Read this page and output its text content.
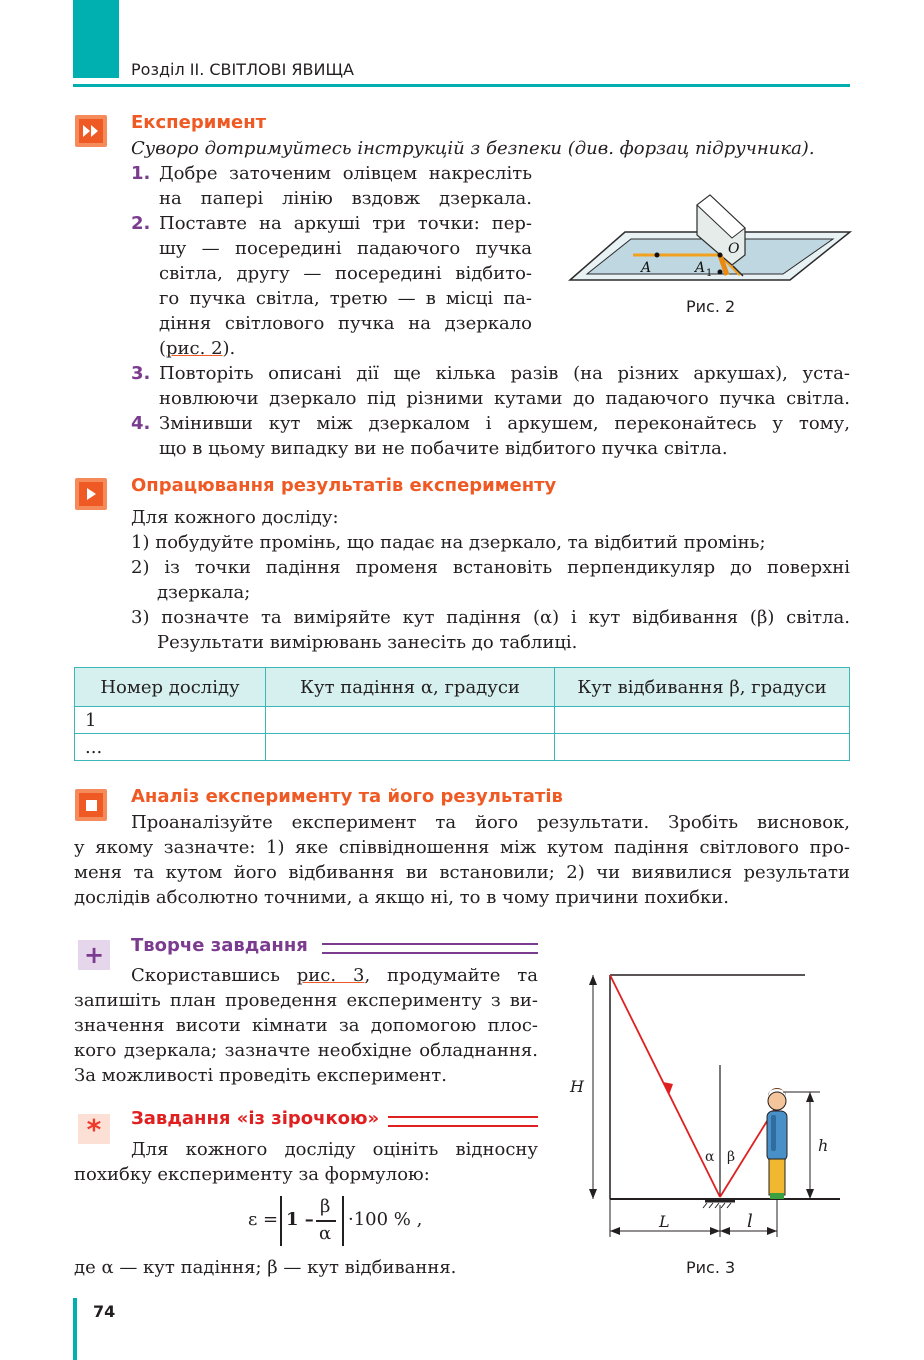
Розділ ІІ. СВІТЛОВІ ЯВИЩА
Експеримент
Суворо дотримуйтесь інструкцій з безпеки (див. форзац підручника).
1. Добре заточеним олівцем накресліть
на папері лінію вздовж дзеркала.
2. Поставте на аркуші три точки: пер-
шу — посередині падаючого пучка
світла, другу — посередині відбито-
го пучка світла, третю — в місці па-
діння світлового пучка на дзеркало
(рис. 2).
3. Повторіть описані дії ще кілька разів (на різних аркушах), уста-
новлюючи дзеркало під різними кутами до падаючого пучка світла.
4. Змінивши кут між дзеркалом і аркушем, переконайтесь у тому,
що в цьому випадку ви не побачите відбитого пучка світла.
A	A 1
O
Рис. 2
Опрацювання результатів експерименту
Для кожного досліду:
1) побудуйте промінь, що падає на дзеркало, та відбитий промінь;
2) із точки падіння променя встановіть перпендикуляр до поверхні
дзеркала;
3) позначте та виміряйте кут падіння (α) і кут відбивання (β) світла.
Результати вимірювань занесіть до таблиці.
Номер досліду	Кут падіння α, градуси	Кут відбивання β, градуси
1		
...		
Аналіз експерименту та його результатів
Проаналізуйте експеримент та його результати. Зробіть висновок,
у якому зазначте: 1) яке співвідношення між кутом падіння світлового про-
меня та кутом його відбивання ви встановили; 2) чи виявилися результати
дослідів абсолютно точними, а якщо ні, то в чому причини похибки.
+	Творче завдання
Скориставшись рис. 3, продумайте та
запишіть план проведення експерименту з ви-
значення висоти кімнати за допомогою плос-
кого дзеркала; зазначте необхідне обладнання.
За можливості проведіть експеримент.
*	Завдання «із зірочкою»
Для кожного досліду оцініть відносну
похибку експерименту за формулою:
ε = 1 –
β
α
·100 % ,
де α — кут падіння; β — кут відбивання.
H
α β
h
L	l
Рис. 3
74
